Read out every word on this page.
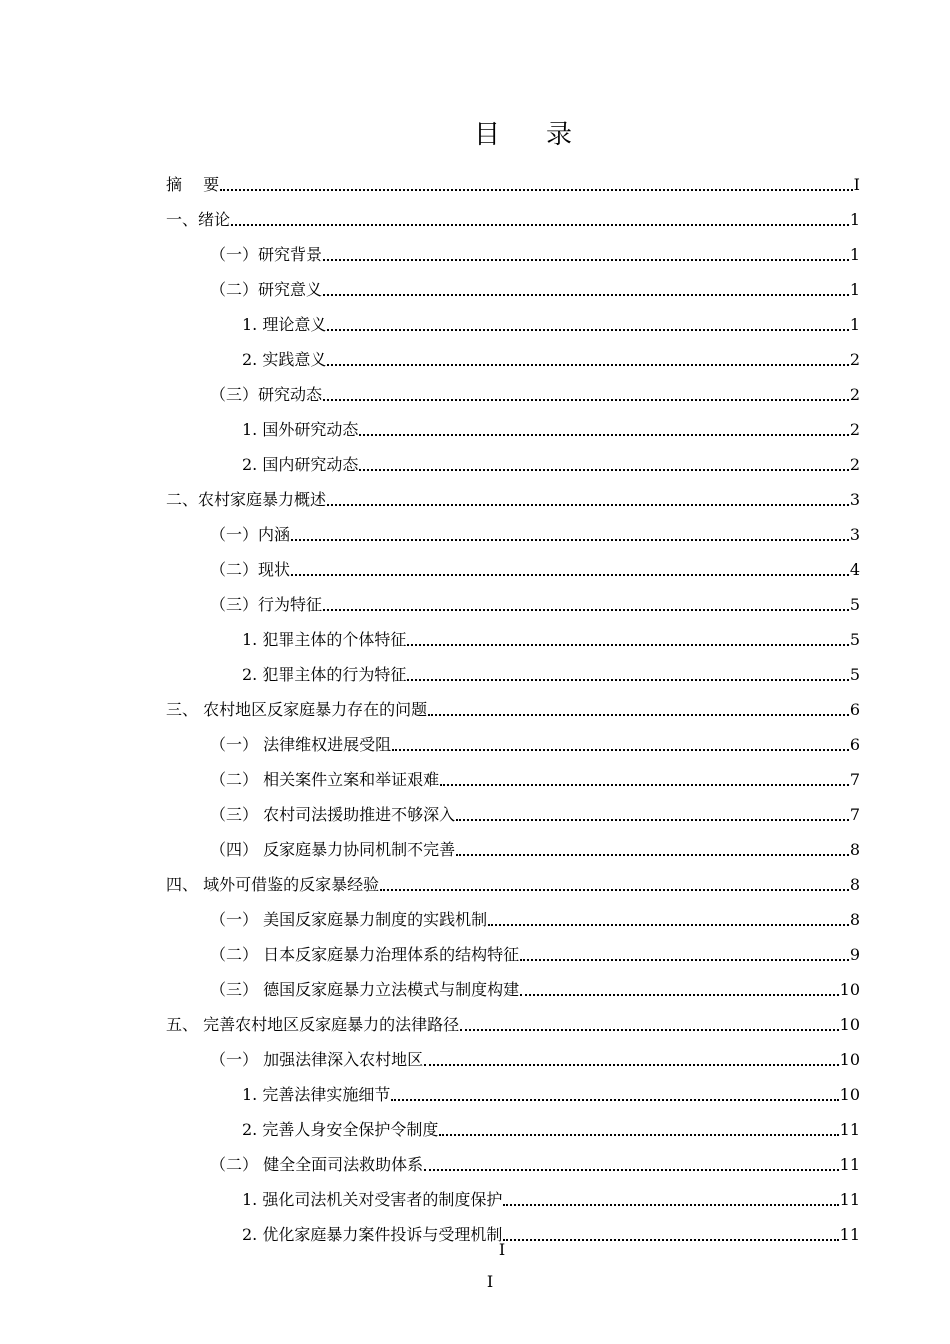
目 录
摘　 要	I
一、绪论	1
（一）研究背景	1
（二）研究意义	1
1. 理论意义	1
2. 实践意义	2
（三）研究动态	2
1. 国外研究动态	2
2. 国内研究动态	2
二、农村家庭暴力概述	3
（一）内涵	3
（二）现状	4
（三）行为特征	5
1. 犯罪主体的个体特征	5
2. 犯罪主体的行为特征	5
三、 农村地区反家庭暴力存在的问题	6
（一） 法律维权进展受阻	6
（二） 相关案件立案和举证艰难	7
（三） 农村司法援助推进不够深入	7
（四） 反家庭暴力协同机制不完善	8
四、 域外可借鉴的反家暴经验	8
（一） 美国反家庭暴力制度的实践机制	8
（二） 日本反家庭暴力治理体系的结构特征	9
（三） 德国反家庭暴力立法模式与制度构建	10
五、 完善农村地区反家庭暴力的法律路径	10
（一） 加强法律深入农村地区	10
1. 完善法律实施细节	10
2. 完善人身安全保护令制度	11
（二） 健全全面司法救助体系	11
1. 强化司法机关对受害者的制度保护	11
2. 优化家庭暴力案件投诉与受理机制	11
I
I
